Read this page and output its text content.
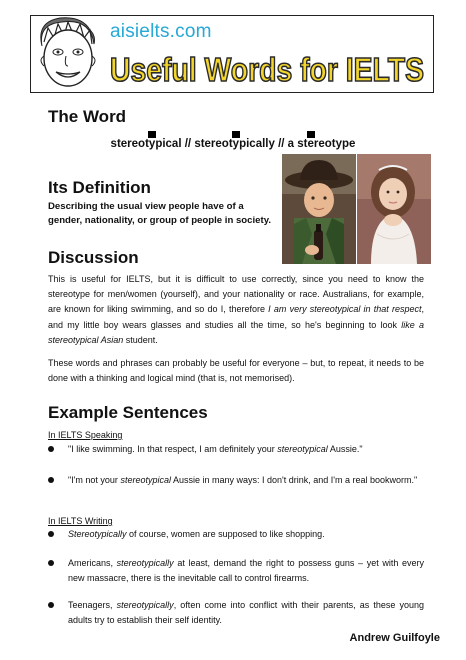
aisielts.com
Useful Words for IELTS
The Word
stereotypical // stereotypically // a stereotype
Its Definition
Describing the usual view people have of a gender, nationality, or group of people in society.
Discussion

This is useful for IELTS, but it is difficult to use correctly, since you need to know the stereotype for men/women (yourself), and your nationality or race. Australians, for example, are known for liking swimming, and so do I, therefore I am very stereotypical in that respect, and my little boy wears glasses and studies all the time, so he's beginning to look like a stereotypical Asian student.

These words and phrases can probably be useful for everyone – but, to repeat, it needs to be done with a thinking and logical mind (that is, not memorised).

Example Sentences

In IELTS Speaking

"I like swimming. In that respect, I am definitely your stereotypical Aussie."
"I'm not your stereotypical Aussie in many ways: I don't drink, and I'm a real bookworm."

In IELTS Writing

Stereotypically of course, women are supposed to like shopping.
Americans, stereotypically at least, demand the right to possess guns – yet with every new massacre, there is the inevitable call to control firearms.
Teenagers, stereotypically, often come into conflict with their parents, as these young adults try to establish their self identity.
Andrew Guilfoyle
